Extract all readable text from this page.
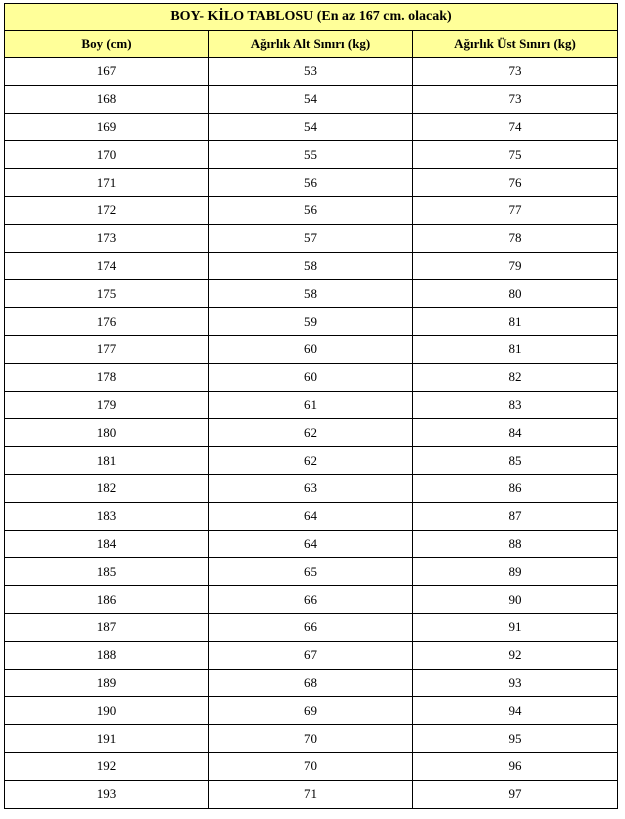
BOY- KİLO TABLOSU (En az 167 cm. olacak)		
Boy (cm)	Ağırlık Alt Sınırı (kg)	Ağırlık Üst Sınırı (kg)
167	53	73
168	54	73
169	54	74
170	55	75
171	56	76
172	56	77
173	57	78
174	58	79
175	58	80
176	59	81
177	60	81
178	60	82
179	61	83
180	62	84
181	62	85
182	63	86
183	64	87
184	64	88
185	65	89
186	66	90
187	66	91
188	67	92
189	68	93
190	69	94
191	70	95
192	70	96
193	71	97
